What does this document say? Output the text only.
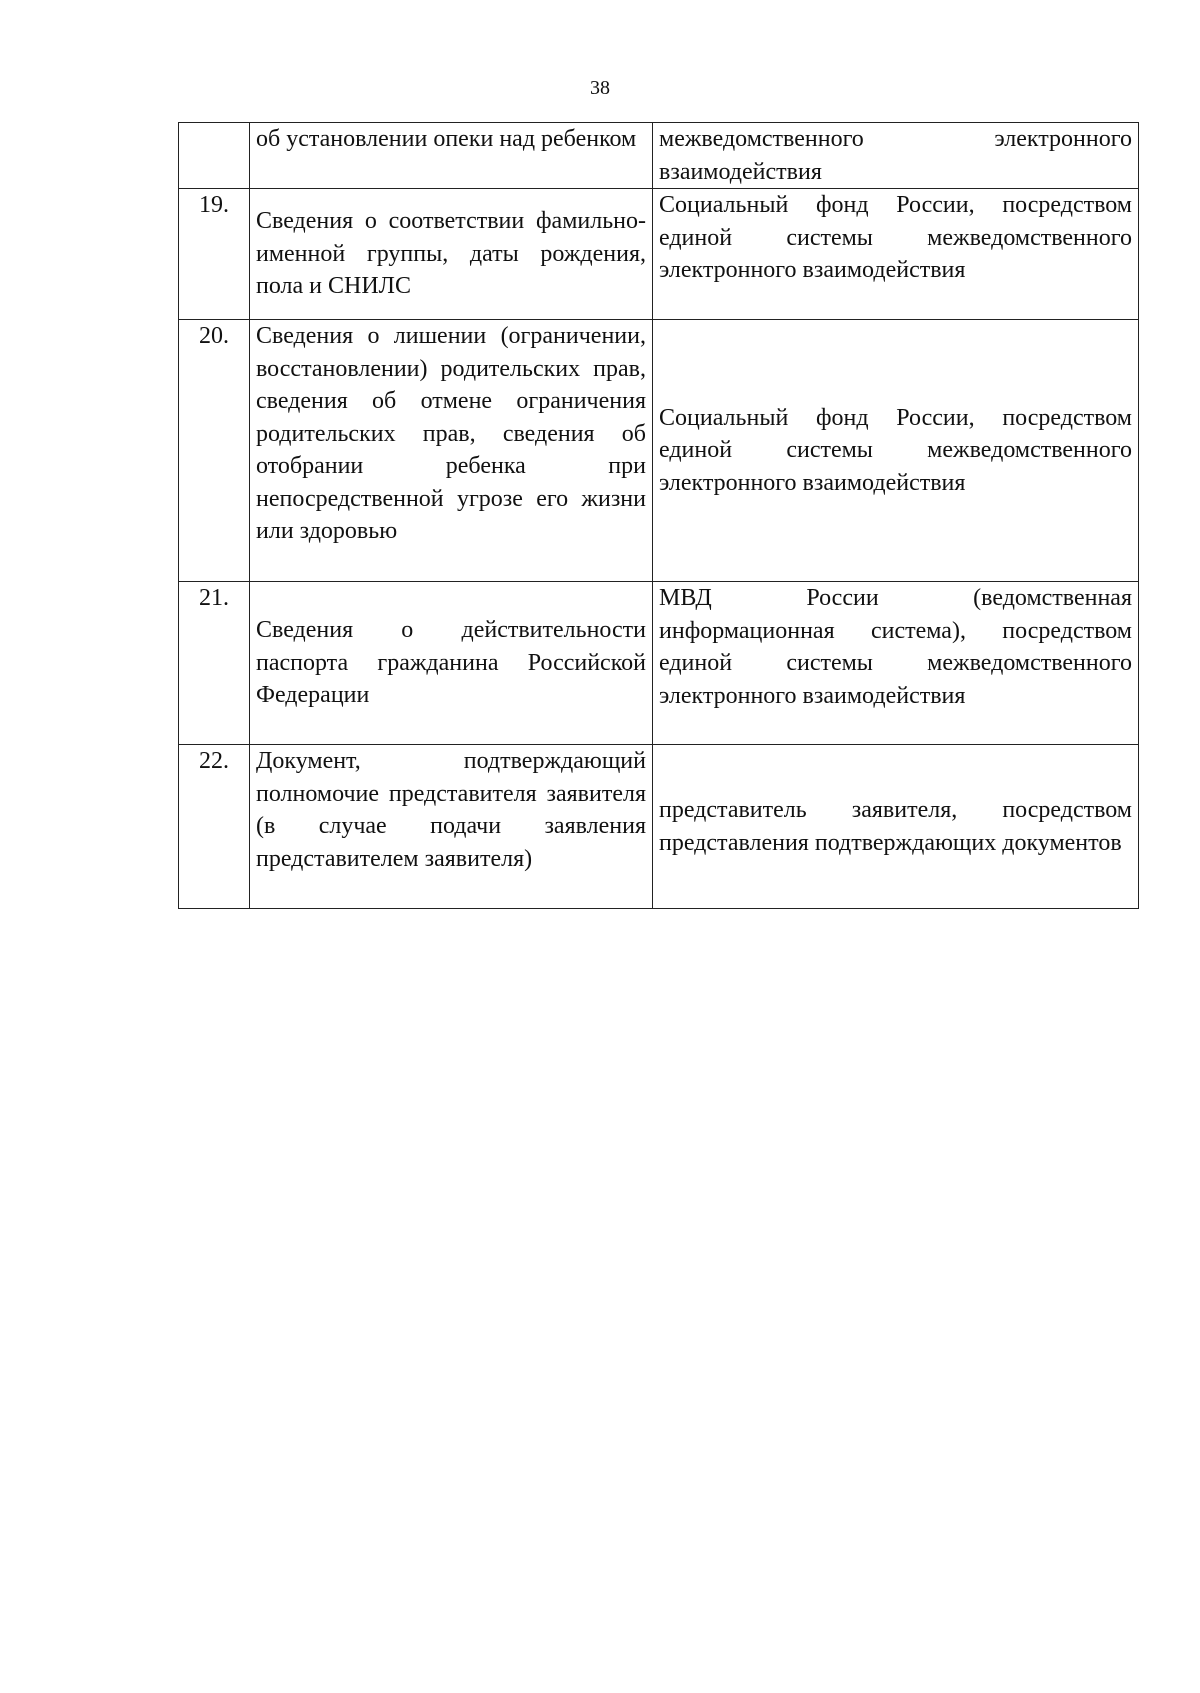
38

	об установлении опеки над ребенком	межведомственного электронного взаимодействия

19.	Сведения о соответствии фамильно-именной группы, даты рождения, пола и СНИЛС	Социальный фонд России, посредством единой системы межведомственного электронного взаимодействия

20.	Сведения о лишении (ограничении, восстановлении) родительских прав, сведения об отмене ограничения родительских прав, сведения об отобрании ребенка при непосредственной угрозе его жизни или здоровью	Социальный фонд России, посредством единой системы межведомственного электронного взаимодействия

21.	Сведения о действительности паспорта гражданина Российской Федерации	МВД России (ведомственная информационная система), посредством единой системы межведомственного электронного взаимодействия

22.	Документ, подтверждающий полномочие представителя заявителя (в случае подачи заявления представителем заявителя)	представитель заявителя, посредством представления подтверждающих документов
